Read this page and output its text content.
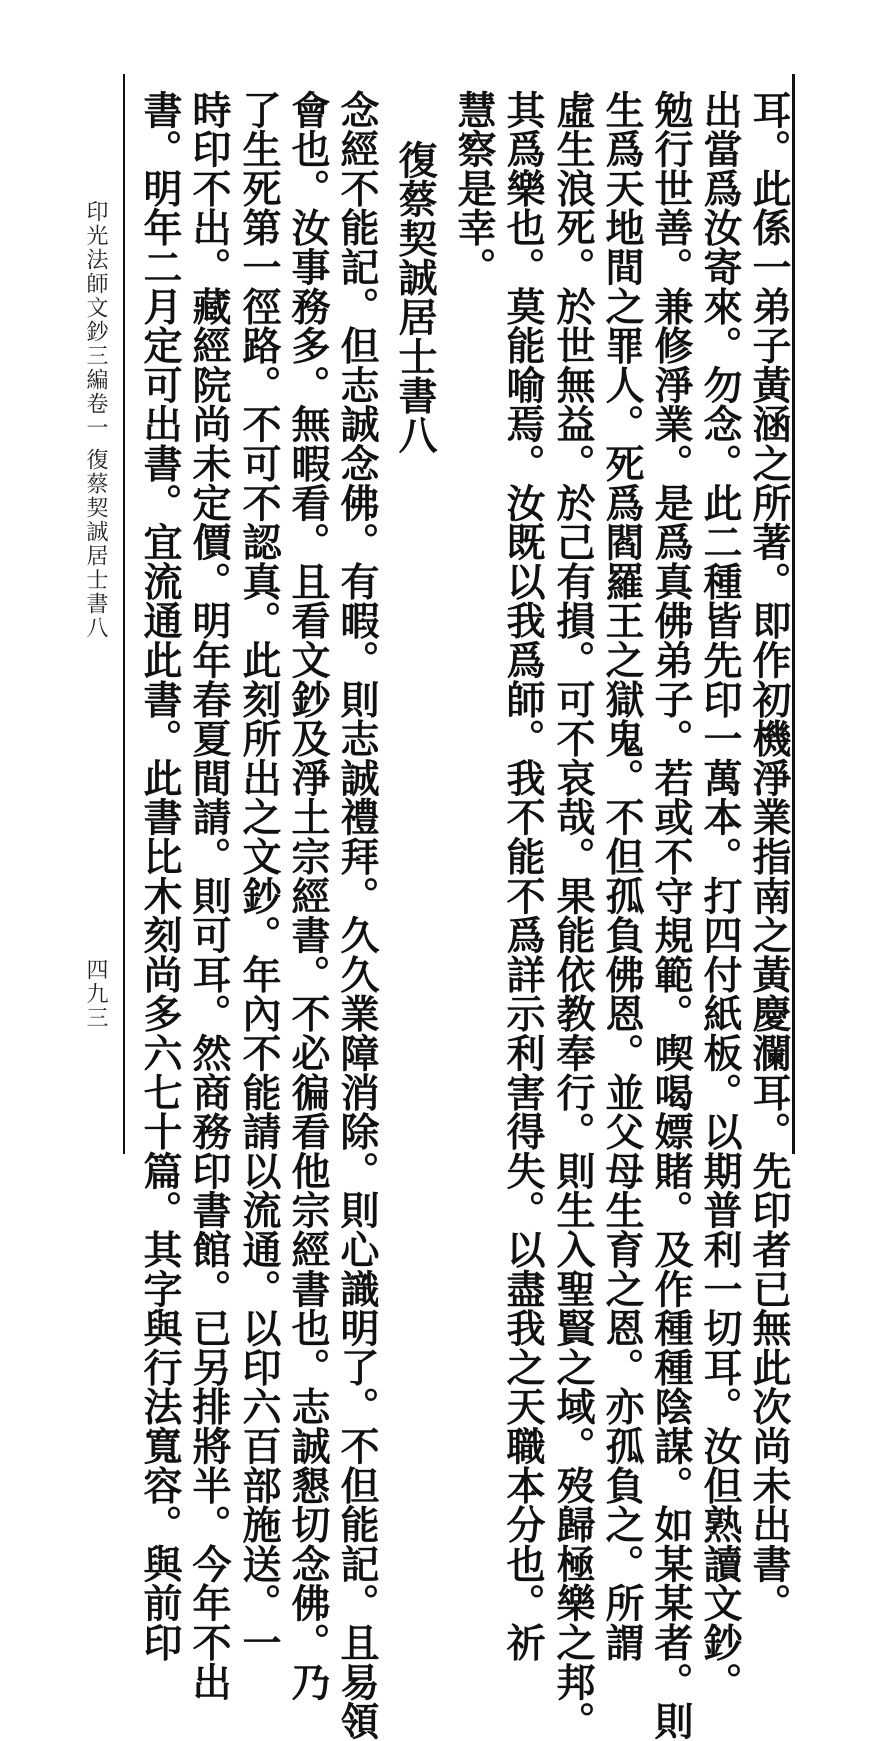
耳。此係一弟子黃涵之所著。即作初機淨業指南之黃慶瀾耳。先印者已無此次尚未出書。
出當爲汝寄來。勿念。此二種皆先印一萬本。打四付紙板。以期普利一切耳。汝但熟讀文鈔。
勉行世善。兼修淨業。是爲真佛弟子。若或不守規範。喫喝嫖賭。及作種種陰謀。如某某者。則
生爲天地間之罪人。死爲閻羅王之獄鬼。不但孤負佛恩。並父母生育之恩。亦孤負之。所謂
虛生浪死。於世無益。於己有損。可不哀哉。果能依教奉行。則生入聖賢之域。歿歸極樂之邦。
其爲樂也。莫能喻焉。汝既以我爲師。我不能不爲詳示利害得失。以盡我之天職本分也。祈
慧察是幸。
復蔡契誠居士書八
念經不能記。但志誠念佛。有暇。則志誠禮拜。久久業障消除。則心識明了。不但能記。且易領
會也。汝事務多。無暇看。且看文鈔及淨土宗經書。不必徧看他宗經書也。志誠懇切念佛。乃
了生死第一徑路。不可不認真。此刻所出之文鈔。年內不能請以流通。以印六百部施送。一
時印不出。藏經院尚未定價。明年春夏間請。則可耳。然商務印書館。已另排將半。今年不出
書。明年二月定可出書。宜流通此書。此書比木刻尚多六七十篇。其字與行法寬容。與前印
印光法師文鈔三編卷一
復蔡契誠居士書八
四九三
